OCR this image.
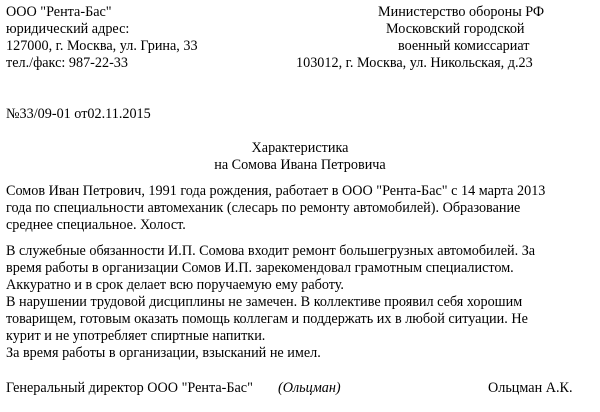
ООО "Рента-Бас"
юридический адрес:
127000, г. Москва, ул. Грина, 33
тел./факс: 987-22-33
Министерство обороны РФ
Московский городской
военный комиссариат
103012, г. Москва, ул. Никольская, д.23
№33/09-01 от02.11.2015
Характеристика
на Сомова Ивана Петровича
Сомов Иван Петрович, 1991 года рождения, работает в ООО "Рента-Бас" с 14 марта 2013
года по специальности автомеханик (слесарь по ремонту автомобилей). Образование
среднее специальное. Холост.
В служебные обязанности И.П. Сомова входит ремонт большегрузных автомобилей. За
время работы в организации Сомов И.П. зарекомендовал грамотным специалистом.
Аккуратно и в срок делает всю поручаемую ему работу.
В нарушении трудовой дисциплины не замечен. В коллективе проявил себя хорошим
товарищем, готовым оказать помощь коллегам и поддержать их в любой ситуации. Не
курит и не употребляет спиртные напитки.
За время работы в организации, взысканий не имел.
Генеральный директор ООО "Рента-Бас" (Ольцман)	Ольцман А.К.
